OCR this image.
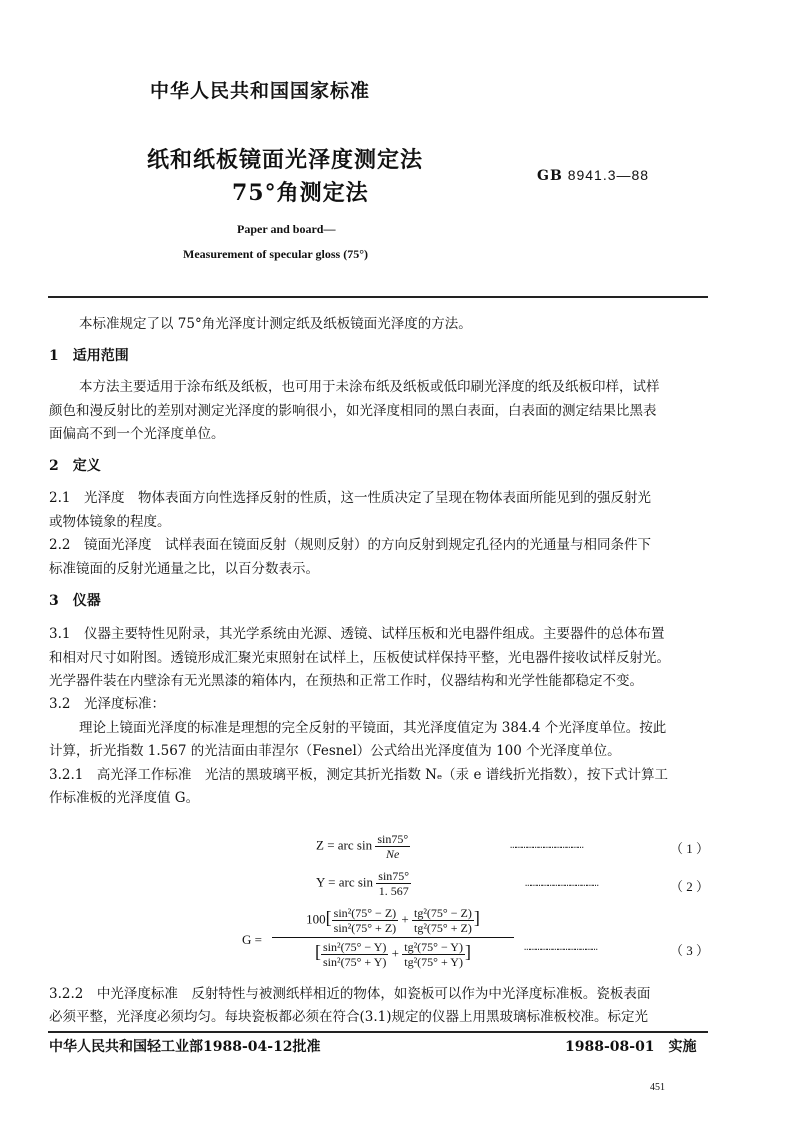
中华人民共和国国家标准
纸和纸板镜面光泽度测定法
75°角测定法
GB 8941.3—88
Paper and board—
Measurement of specular gloss (75°)
本标准规定了以 75°角光泽度计测定纸及纸板镜面光泽度的方法。
1　适用范围
本方法主要适用于涂布纸及纸板，也可用于未涂布纸及纸板或低印刷光泽度的纸及纸板印样，试样
颜色和漫反射比的差别对测定光泽度的影响很小，如光泽度相同的黑白表面，白表面的测定结果比黑表
面偏高不到一个光泽度单位。
2　定义
2.1　光泽度　物体表面方向性选择反射的性质，这一性质决定了呈现在物体表面所能见到的强反射光
或物体镜象的程度。
2.2　镜面光泽度　试样表面在镜面反射（规则反射）的方向反射到规定孔径内的光通量与相同条件下
标准镜面的反射光通量之比，以百分数表示。
3　仪器
3.1　仪器主要特性见附录，其光学系统由光源、透镜、试样压板和光电器件组成。主要器件的总体布置
和相对尺寸如附图。透镜形成汇聚光束照射在试样上，压板使试样保持平整，光电器件接收试样反射光。
光学器件装在内壁涂有无光黑漆的箱体内，在预热和正常工作时，仪器结构和光学性能都稳定不变。
3.2　光泽度标准：
理论上镜面光泽度的标准是理想的完全反射的平镜面，其光泽度值定为 384.4 个光泽度单位。按此
计算，折光指数 1.567 的光洁面由菲涅尔（Fesnel）公式给出光泽度值为 100 个光泽度单位。
3.2.1　高光泽工作标准　光洁的黑玻璃平板，测定其折光指数 Nₑ（汞 e 谱线折光指数），按下式计算工
作标准板的光泽度值 G。
Z = arc $\sin \frac{\sin 75^\circ}{Ne}$	…………………………………	（ 1 ）
Y = arc $\sin \frac{\sin 75^\circ}{1. 567}$	…………………………………	（ 2 ）
G =
$100[ \frac{\text{sin²(75° − Z)}}{\text{sin²(75° + Z)}} + \frac{\text{tg²(75° − Z)}}{\text{tg²(75° + Z)}}$ ]
[ $\frac{\text{sin²(75° − Y)}}{\text{sin²(75° + Y)}} + \frac{\text{tg²(75° − Y)}}{\text{tg²(75° + Y)}}$ ]	…………………………………	（ 3 ）
3.2.2　中光泽度标准　反射特性与被测纸样相近的物体，如瓷板可以作为中光泽度标准板。瓷板表面
必须平整，光泽度必须均匀。每块瓷板都必须在符合(3.1)规定的仪器上用黑玻璃标准板校准。标定光
中华人民共和国轻工业部1988-04-12批准	1988-08-01　实施
451
